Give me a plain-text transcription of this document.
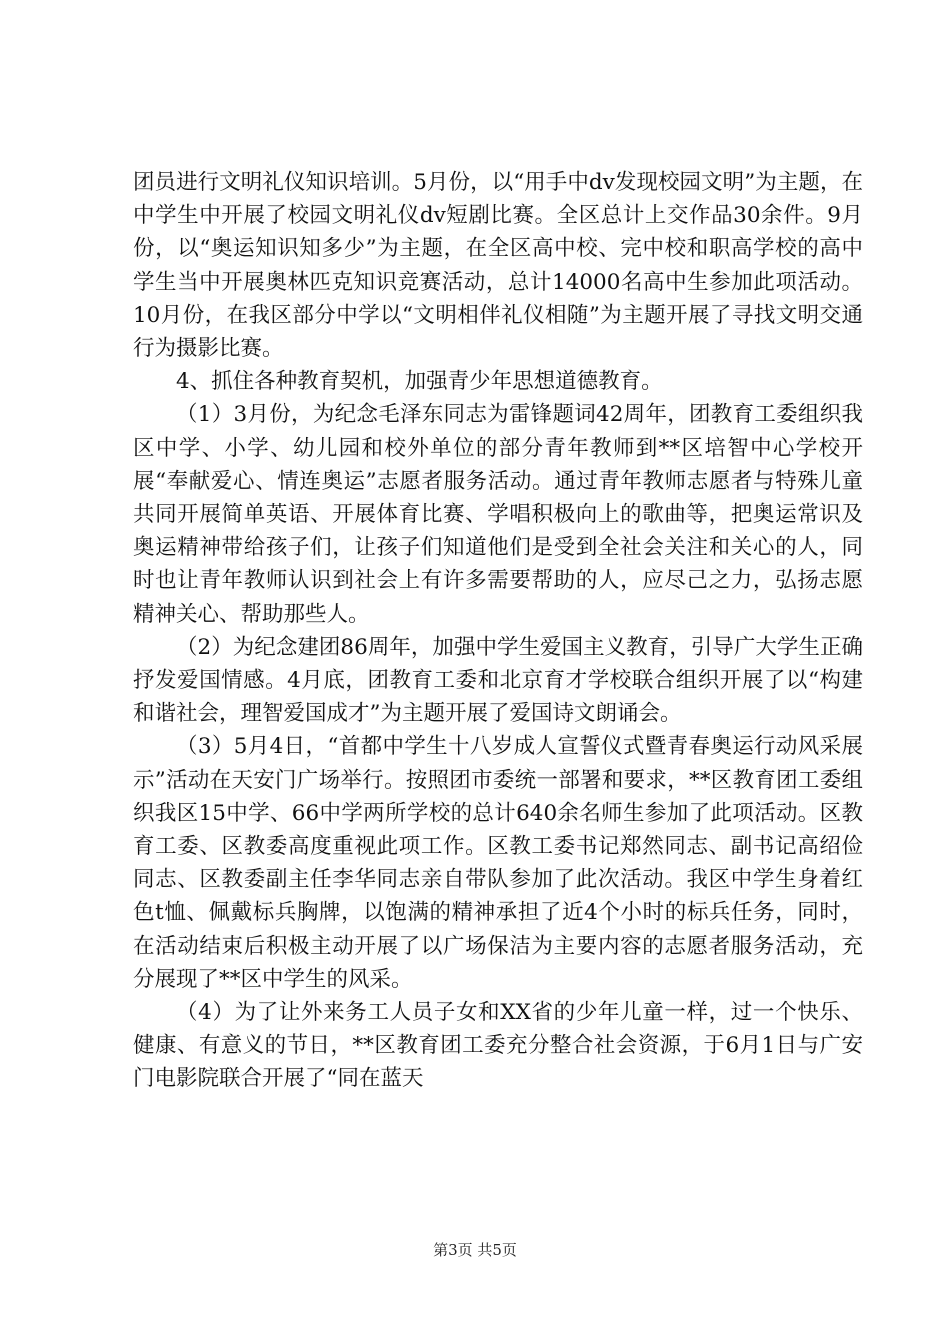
团员进行文明礼仪知识培训。5月份，以“用手中dv发现校园文明”为主题，在中学生中开展了校园文明礼仪dv短剧比赛。全区总计上交作品30余件。9月份，以“奥运知识知多少”为主题，在全区高中校、完中校和职高学校的高中学生当中开展奥林匹克知识竞赛活动，总计14000名高中生参加此项活动。10月份，在我区部分中学以“文明相伴礼仪相随”为主题开展了寻找文明交通行为摄影比赛。

4、抓住各种教育契机，加强青少年思想道德教育。

（1）3月份，为纪念毛泽东同志为雷锋题词42周年，团教育工委组织我区中学、小学、幼儿园和校外单位的部分青年教师到**区培智中心学校开展“奉献爱心、情连奥运”志愿者服务活动。通过青年教师志愿者与特殊儿童共同开展简单英语、开展体育比赛、学唱积极向上的歌曲等，把奥运常识及奥运精神带给孩子们，让孩子们知道他们是受到全社会关注和关心的人，同时也让青年教师认识到社会上有许多需要帮助的人，应尽己之力，弘扬志愿精神关心、帮助那些人。

（2）为纪念建团86周年，加强中学生爱国主义教育，引导广大学生正确抒发爱国情感。4月底，团教育工委和北京育才学校联合组织开展了以“构建和谐社会，理智爱国成才”为主题开展了爱国诗文朗诵会。

（3）5月4日，“首都中学生十八岁成人宣誓仪式暨青春奥运行动风采展示”活动在天安门广场举行。按照团市委统一部署和要求，**区教育团工委组织我区15中学、66中学两所学校的总计640余名师生参加了此项活动。区教育工委、区教委高度重视此项工作。区教工委书记郑然同志、副书记高绍俭同志、区教委副主任李华同志亲自带队参加了此次活动。我区中学生身着红色t恤、佩戴标兵胸牌，以饱满的精神承担了近4个小时的标兵任务，同时，在活动结束后积极主动开展了以广场保洁为主要内容的志愿者服务活动，充分展现了**区中学生的风采。

（4）为了让外来务工人员子女和XX省的少年儿童一样，过一个快乐、健康、有意义的节日，**区教育团工委充分整合社会资源，于6月1日与广安门电影院联合开展了“同在蓝天

第3页 共5页
